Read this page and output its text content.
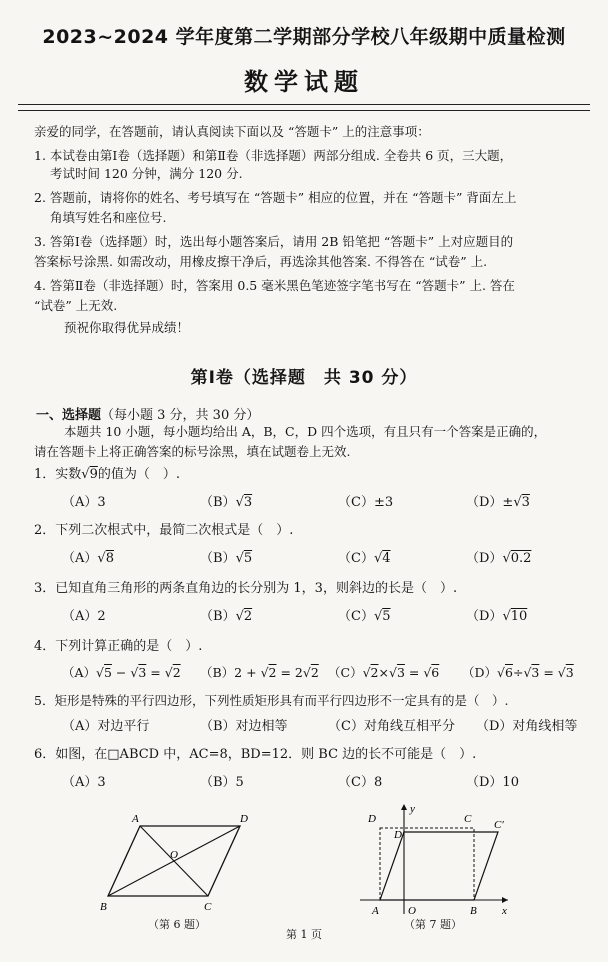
2023~2024 学年度第二学期部分学校八年级期中质量检测
数学试题
亲爱的同学，在答题前，请认真阅读下面以及 “答题卡” 上的注意事项：
1. 本试卷由第Ⅰ卷（选择题）和第Ⅱ卷（非选择题）两部分组成. 全卷共 6 页，三大题，
考试时间 120 分钟，满分 120 分.
2. 答题前，请将你的姓名、考号填写在 “答题卡” 相应的位置，并在 “答题卡” 背面左上
角填写姓名和座位号.
3. 答第Ⅰ卷（选择题）时，选出每小题答案后，请用 2B 铅笔把 “答题卡” 上对应题目的
答案标号涂黑. 如需改动，用橡皮擦干净后，再选涂其他答案. 不得答在 “试卷” 上.
4. 答第Ⅱ卷（非选择题）时，答案用 0.5 毫米黑色笔迹签字笔书写在 “答题卡” 上. 答在
“试卷” 上无效.
预祝你取得优异成绩！
第Ⅰ卷（选择题　共 30 分）
一、选择题（每小题 3 分，共 30 分）
本题共 10 小题，每小题均给出 A，B，C，D 四个选项，有且只有一个答案是正确的，
请在答题卡上将正确答案的标号涂黑，填在试题卷上无效.
1．实数√9的值为（　）.
（A）3	（B）√3	（C）±3	（D）±√3
2．下列二次根式中，最简二次根式是（　）.
（A）√8	（B）√5	（C）√4	（D）√0.2
3．已知直角三角形的两条直角边的长分别为 1，3，则斜边的长是（　）.
（A）2	（B）√2	（C）√5	（D）√10
4．下列计算正确的是（　）.
（A）√5 − √3 = √2 （B）2 + √2 = 2√2 （C）√2×√3 = √6 （D）√6÷√3 = √3
5．矩形是特殊的平行四边形，下列性质矩形具有而平行四边形不一定具有的是（　）.
（A）对边平行	（B）对边相等	（C）对角线互相平分 （D）对角线相等
6．如图，在□ABCD 中，AC=8，BD=12．则 BC 边的长不可能是（　）.
（A）3	（B）5	（C）8	（D）10
A	D
O
B	C
（第 6 题）
D
D′
C C′
y
A	O	B x
（第 7 题）
第 1 页
